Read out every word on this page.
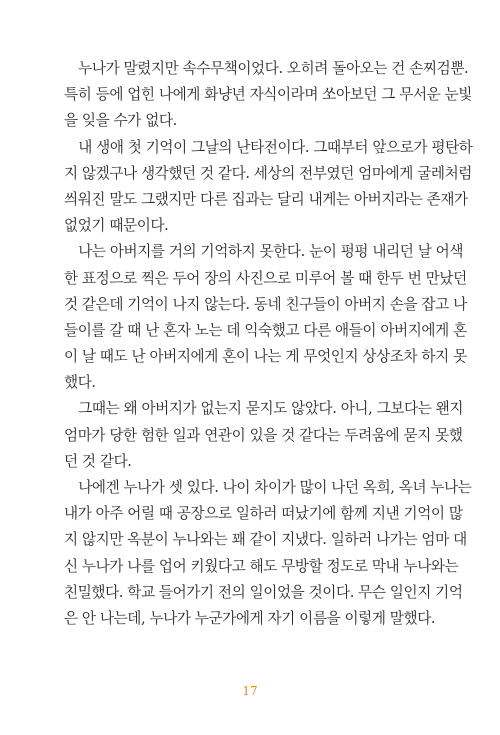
　누나가 말렸지만 속수무책이었다. 오히려 돌아오는 건 손찌검뿐.
특히 등에 업힌 나에게 화냥년 자식이라며 쏘아보던 그 무서운 눈빛
을 잊을 수가 없다.
　내 생애 첫 기억이 그날의 난타전이다. 그때부터 앞으로가 평탄하
지 않겠구나 생각했던 것 같다. 세상의 전부였던 엄마에게 굴레처럼
씌워진 말도 그랬지만 다른 집과는 달리 내게는 아버지라는 존재가
없었기 때문이다.
　나는 아버지를 거의 기억하지 못한다. 눈이 펑펑 내리던 날 어색
한 표정으로 찍은 두어 장의 사진으로 미루어 볼 때 한두 번 만났던
것 같은데 기억이 나지 않는다. 동네 친구들이 아버지 손을 잡고 나
들이를 갈 때 난 혼자 노는 데 익숙했고 다른 애들이 아버지에게 혼
이 날 때도 난 아버지에게 혼이 나는 게 무엇인지 상상조차 하지 못
했다.
　그때는 왜 아버지가 없는지 묻지도 않았다. 아니, 그보다는 왠지
엄마가 당한 험한 일과 연관이 있을 것 같다는 두려움에 묻지 못했
던 것 같다.
　나에겐 누나가 셋 있다. 나이 차이가 많이 나던 옥희, 옥녀 누나는
내가 아주 어릴 때 공장으로 일하러 떠났기에 함께 지낸 기억이 많
지 않지만 옥분이 누나와는 꽤 같이 지냈다. 일하러 나가는 엄마 대
신 누나가 나를 업어 키웠다고 해도 무방할 정도로 막내 누나와는
친밀했다. 학교 들어가기 전의 일이었을 것이다. 무슨 일인지 기억
은 안 나는데, 누나가 누군가에게 자기 이름을 이렇게 말했다.
17
